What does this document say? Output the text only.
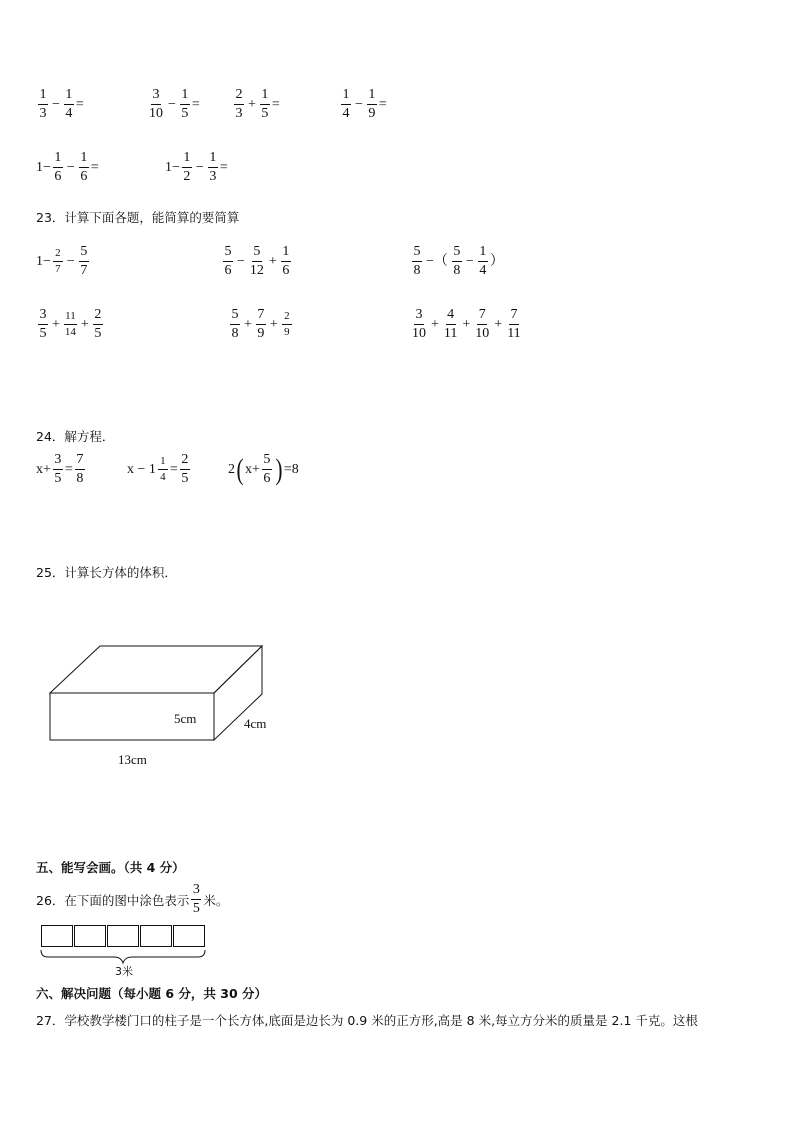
$\frac{1}{3} - \frac{1}{4}$ =	$\frac{3}{10} - \frac{1}{5} = \frac{2}{3} + \frac{1}{5}$ =	$\frac{1}{4} - \frac{1}{9}$ =
$1- \frac{1}{6} - \frac{1}{6}$ =	$1- \frac{1}{2} - \frac{1}{3}$ =
23．计算下面各题，能简算的要简算
$1- \frac{2}{7} - \frac{5}{7}$	$\frac{5}{6} - \frac{5}{12} + \frac{1}{6}$	$\frac{5}{8}$ −（ $\frac{5}{8} - \frac{1}{4}$ ）
$\frac{3}{5} + \frac{11}{14} + \frac{2}{5}$	$\frac{5}{8} + \frac{7}{9} + \frac{2}{9}$	$\frac{3}{10} + \frac{4}{11} + \frac{7}{10} + \frac{7}{11}$
24．解方程．
$x+ \frac{3}{5} = \frac{7}{8}$	$x - 1 \frac{1}{4} = \frac{2}{5}$	2 ( $x+ \frac{5}{6}$ ) =8
25．计算长方体的体积．
5cm	4cm
13cm
五、能写会画。（共 4 分）
26．在下面的图中涂色表示 $\frac{3}{5}$ 米。
3米
六、解决问题（每小题 6 分，共 30 分）
27．学校教学楼门口的柱子是一个长方体,底面是边长为 0.9 米的正方形,高是 8 米,每立方分米的质量是 2.1 千克。这根
